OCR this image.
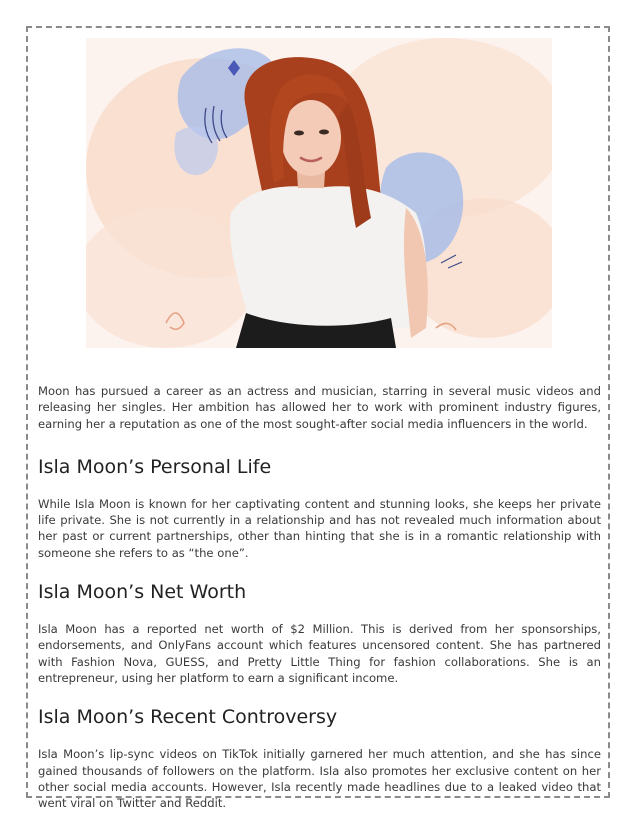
Moon has pursued a career as an actress and musician, starring in several music videos and releasing her singles. Her ambition has allowed her to work with prominent industry figures, earning her a reputation as one of the most sought-after social media influencers in the world.

Isla Moon’s Personal Life

While Isla Moon is known for her captivating content and stunning looks, she keeps her private life private. She is not currently in a relationship and has not revealed much information about her past or current partnerships, other than hinting that she is in a romantic relationship with someone she refers to as “the one”.

Isla Moon’s Net Worth

Isla Moon has a reported net worth of $2 Million. This is derived from her sponsorships, endorsements, and OnlyFans account which features uncensored content. She has partnered with Fashion Nova, GUESS, and Pretty Little Thing for fashion collaborations. She is an entrepreneur, using her platform to earn a significant income.

Isla Moon’s Recent Controversy

Isla Moon’s lip-sync videos on TikTok initially garnered her much attention, and she has since gained thousands of followers on the platform. Isla also promotes her exclusive content on her other social media accounts. However, Isla recently made headlines due to a leaked video that went viral on Twitter and Reddit.
